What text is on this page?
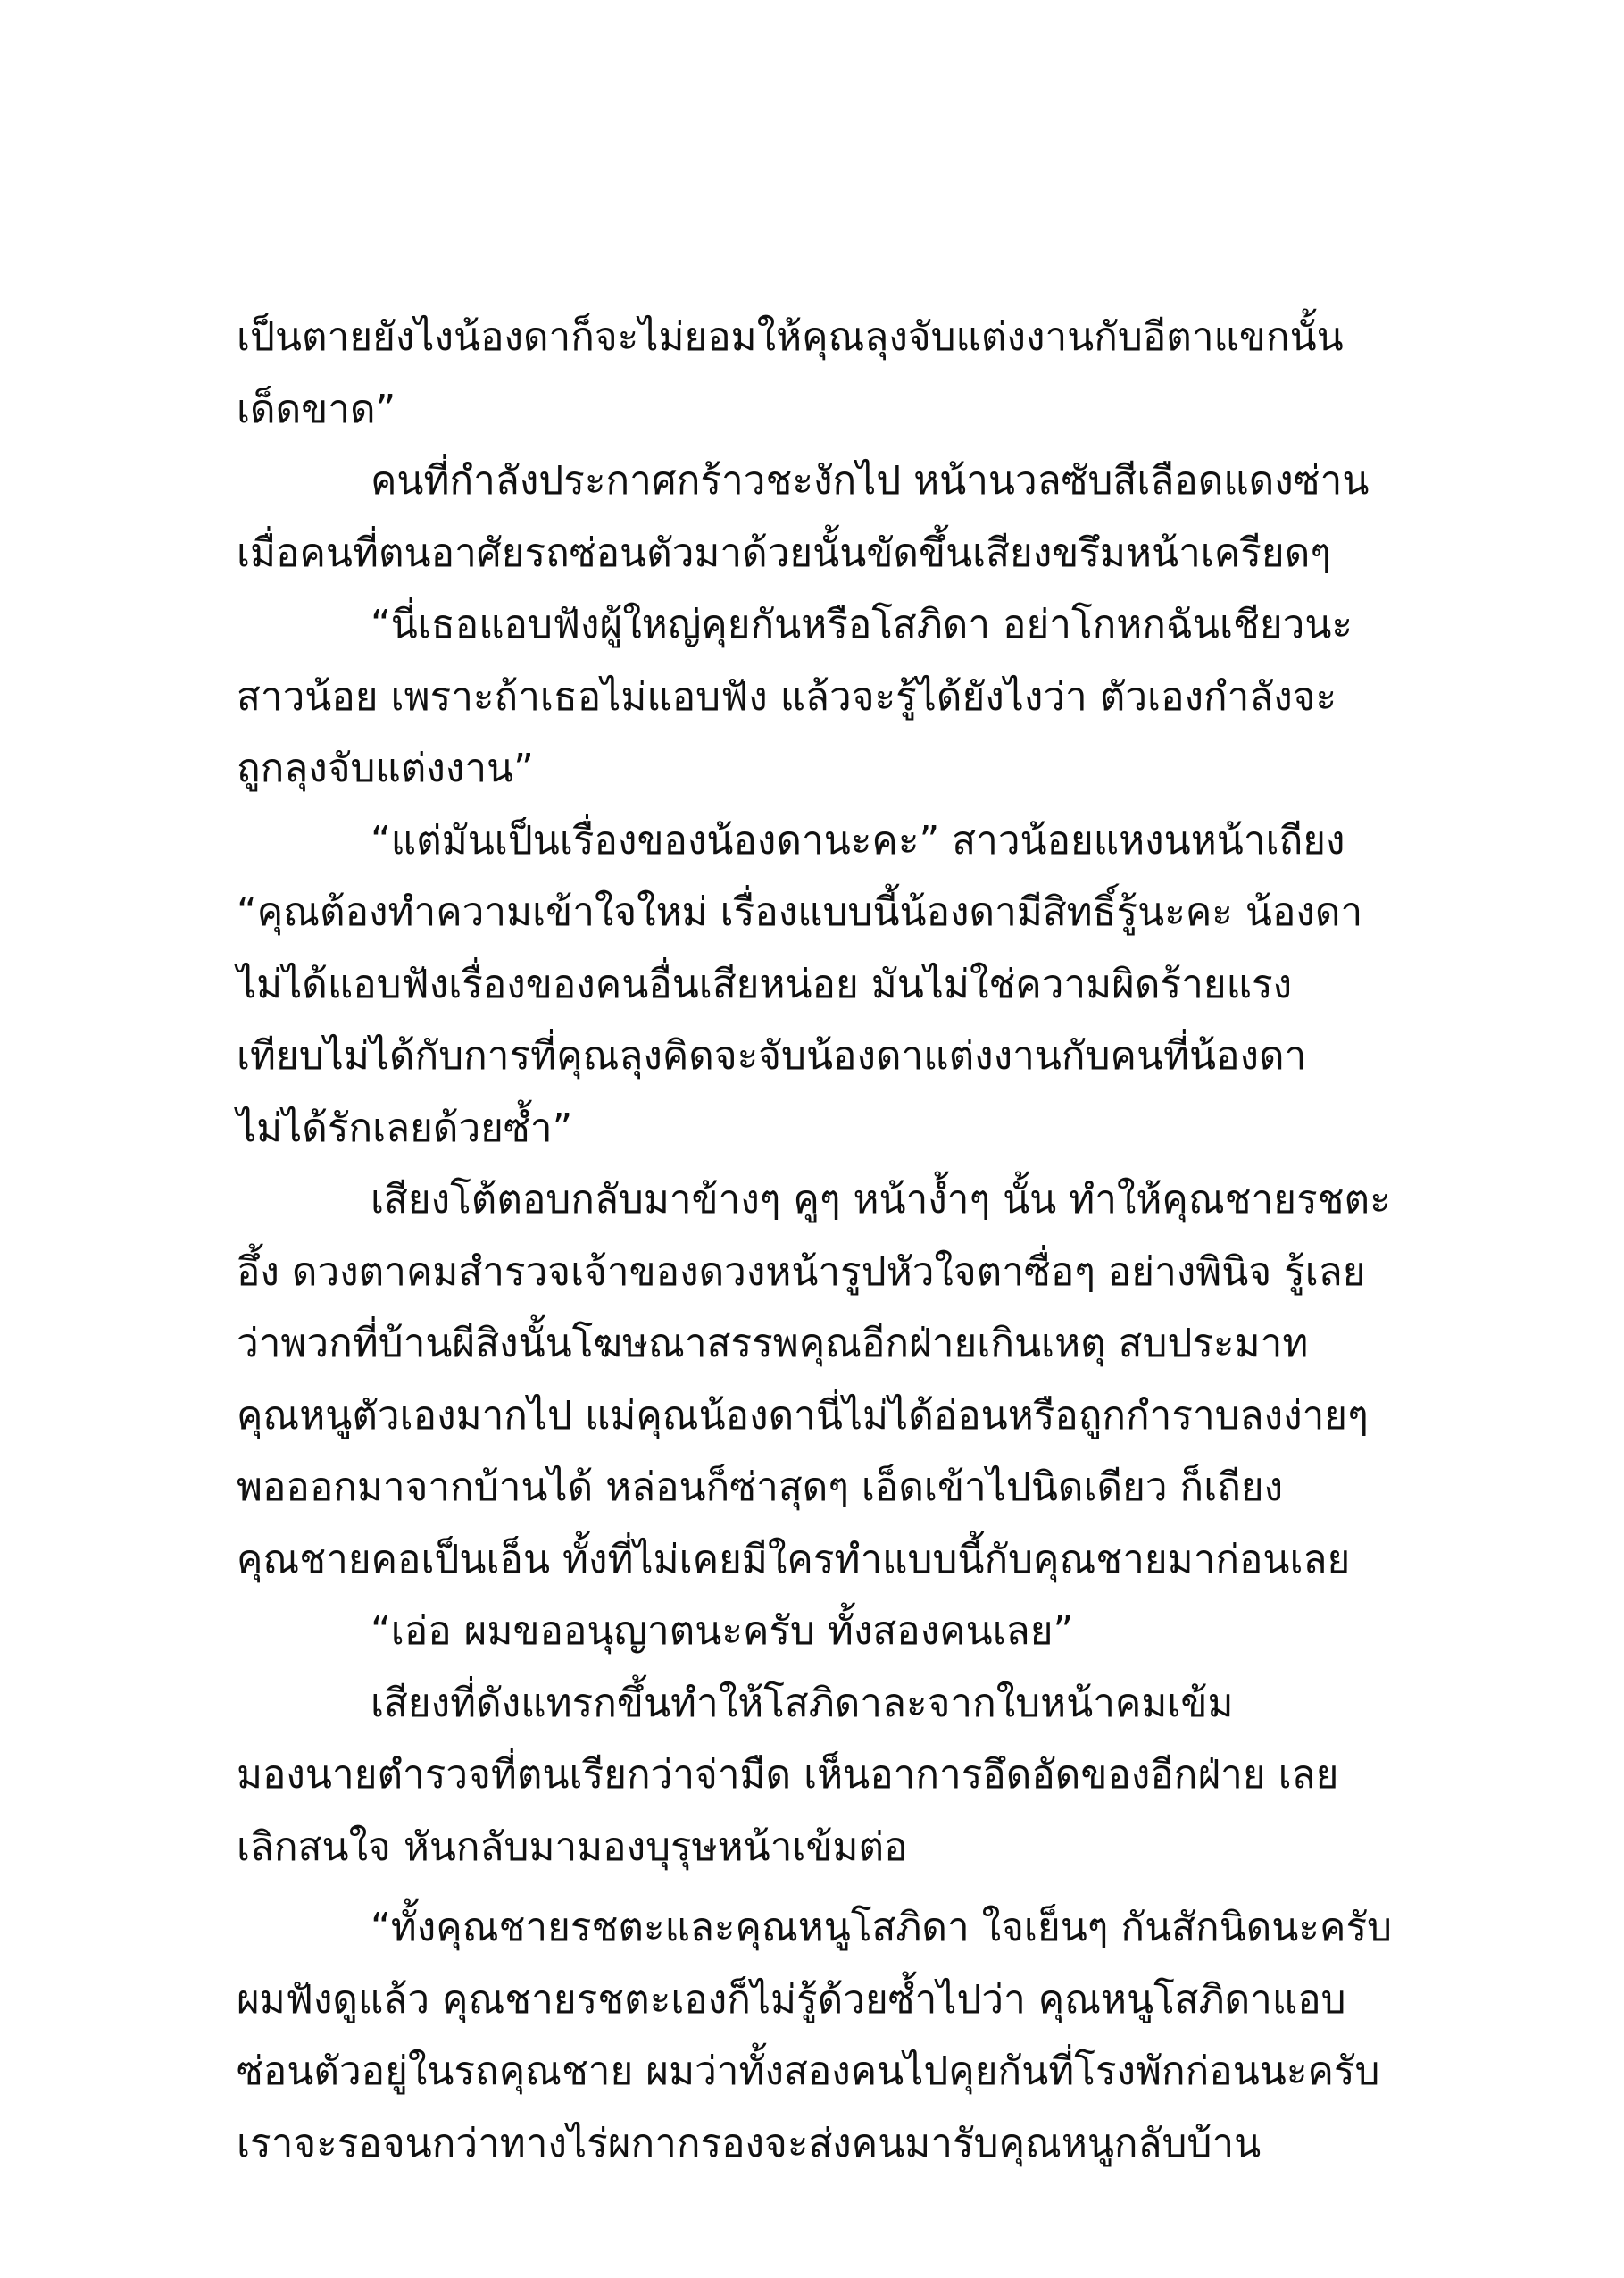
เป็นตายยังไงน้องดาก็จะไม่ยอมให้คุณลุงจับแต่งงานกับอีตาแขกนั้น
เด็ดขาด”
คนที่กำลังประกาศกร้าวชะงักไป หน้านวลซับสีเลือดแดงซ่าน
เมื่อคนที่ตนอาศัยรถซ่อนตัวมาด้วยนั้นขัดขึ้นเสียงขรึมหน้าเครียดๆ
“นี่เธอแอบฟังผู้ใหญ่คุยกันหรือโสภิดา อย่าโกหกฉันเชียวนะ
สาวน้อย เพราะถ้าเธอไม่แอบฟัง แล้วจะรู้ได้ยังไงว่า ตัวเองกำลังจะ
ถูกลุงจับแต่งงาน”
“แต่มันเป็นเรื่องของน้องดานะคะ” สาวน้อยแหงนหน้าเถียง
“คุณต้องทำความเข้าใจใหม่ เรื่องแบบนี้น้องดามีสิทธิ์รู้นะคะ น้องดา
ไม่ได้แอบฟังเรื่องของคนอื่นเสียหน่อย มันไม่ใช่ความผิดร้ายแรง
เทียบไม่ได้กับการที่คุณลุงคิดจะจับน้องดาแต่งงานกับคนที่น้องดา
ไม่ได้รักเลยด้วยซ้ำ”
เสียงโต้ตอบกลับมาข้างๆ คูๆ หน้างํ้าๆ นั้น ทำให้คุณชายรชตะ
อึ้ง ดวงตาคมสำรวจเจ้าของดวงหน้ารูปหัวใจตาซื่อๆ อย่างพินิจ รู้เลย
ว่าพวกที่บ้านผีสิงนั้นโฆษณาสรรพคุณอีกฝ่ายเกินเหตุ สบประมาท
คุณหนูตัวเองมากไป แม่คุณน้องดานี่ไม่ได้อ่อนหรือถูกกำราบลงง่ายๆ
พอออกมาจากบ้านได้ หล่อนก็ซ่าสุดๆ เอ็ดเข้าไปนิดเดียว ก็เถียง
คุณชายคอเป็นเอ็น ทั้งที่ไม่เคยมีใครทำแบบนี้กับคุณชายมาก่อนเลย
“เอ่อ ผมขออนุญาตนะครับ ทั้งสองคนเลย”
เสียงที่ดังแทรกขึ้นทำให้โสภิดาละจากใบหน้าคมเข้ม
มองนายตำรวจที่ตนเรียกว่าจ่ามืด เห็นอาการอึดอัดของอีกฝ่าย เลย
เลิกสนใจ หันกลับมามองบุรุษหน้าเข้มต่อ
“ทั้งคุณชายรชตะและคุณหนูโสภิดา ใจเย็นๆ กันสักนิดนะครับ
ผมฟังดูแล้ว คุณชายรชตะเองก็ไม่รู้ด้วยซ้ำไปว่า คุณหนูโสภิดาแอบ
ซ่อนตัวอยู่ในรถคุณชาย ผมว่าทั้งสองคนไปคุยกันที่โรงพักก่อนนะครับ
เราจะรอจนกว่าทางไร่ผกากรองจะส่งคนมารับคุณหนูกลับบ้าน
